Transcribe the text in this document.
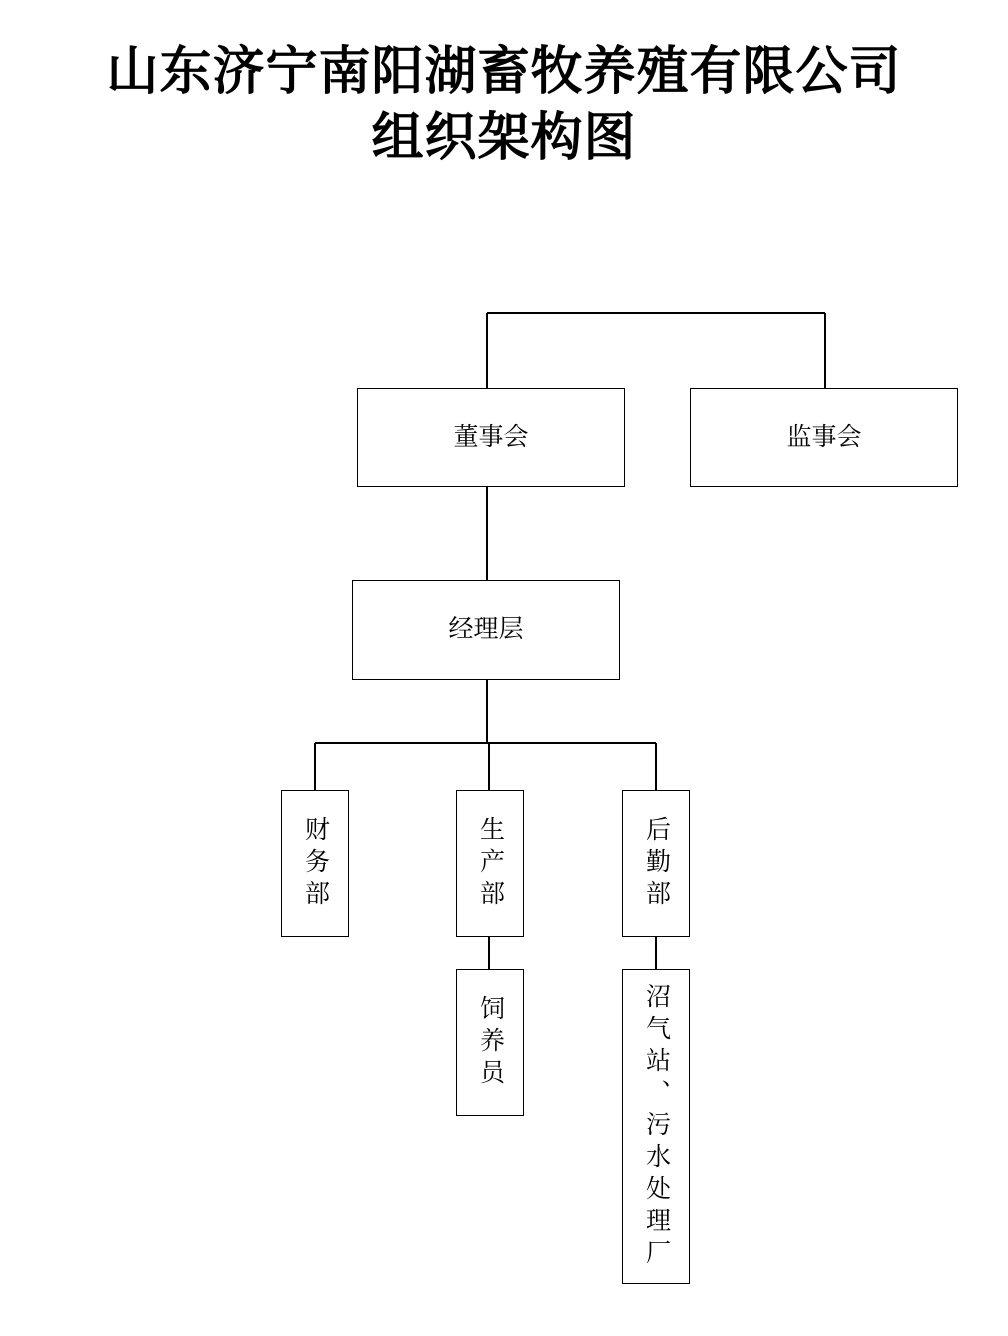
山东济宁南阳湖畜牧养殖有限公司
组织架构图
董事会	监事会
经理层
财务部	生产部	后勤部
饲养员	沼气站、污水处理厂
